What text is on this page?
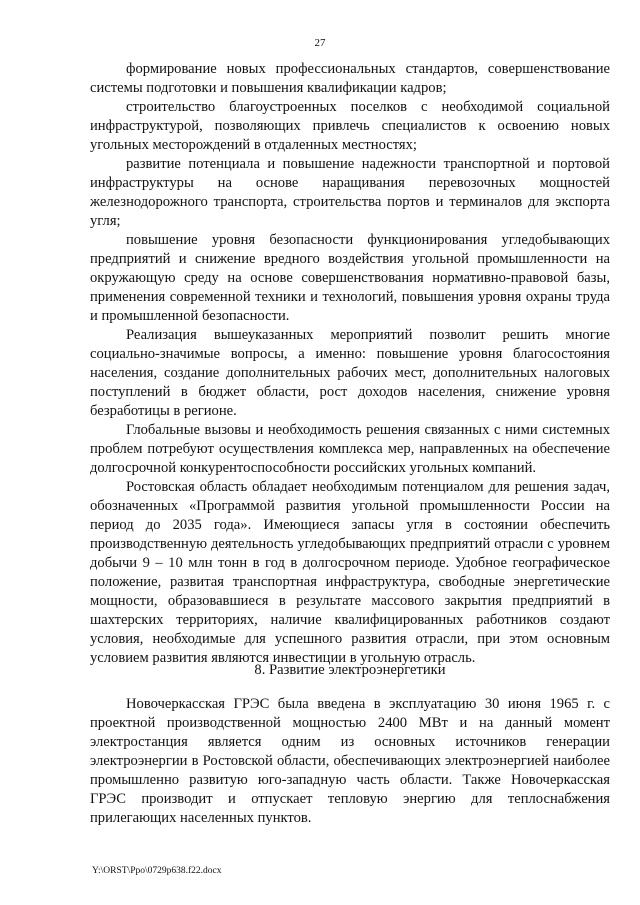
27

формирование новых профессиональных стандартов, совершенствование системы подготовки и повышения квалификации кадров;

строительство благоустроенных поселков с необходимой социальной инфраструктурой, позволяющих привлечь специалистов к освоению новых угольных месторождений в отдаленных местностях;

развитие потенциала и повышение надежности транспортной и портовой инфраструктуры на основе наращивания перевозочных мощностей железнодорожного транспорта, строительства портов и терминалов для экспорта угля;

повышение уровня безопасности функционирования угледобывающих предприятий и снижение вредного воздействия угольной промышленности на окружающую среду на основе совершенствования нормативно-правовой базы, применения современной техники и технологий, повышения уровня охраны труда и промышленной безопасности.

Реализация вышеуказанных мероприятий позволит решить многие социально-значимые вопросы, а именно: повышение уровня благосостояния населения, создание дополнительных рабочих мест, дополнительных налоговых поступлений в бюджет области, рост доходов населения, снижение уровня безработицы в регионе.

Глобальные вызовы и необходимость решения связанных с ними системных проблем потребуют осуществления комплекса мер, направленных на обеспечение долгосрочной конкурентоспособности российских угольных компаний.

Ростовская область обладает необходимым потенциалом для решения задач, обозначенных «Программой развития угольной промышленности России на период до 2035 года». Имеющиеся запасы угля в состоянии обеспечить производственную деятельность угледобывающих предприятий отрасли с уровнем добычи 9 – 10 млн тонн в год в долгосрочном периоде. Удобное географическое положение, развитая транспортная инфраструктура, свободные энергетические мощности, образовавшиеся в результате массового закрытия предприятий в шахтерских территориях, наличие квалифицированных работников создают условия, необходимые для успешного развития отрасли, при этом основным условием развития являются инвестиции в угольную отрасль.

8. Развитие электроэнергетики

Новочеркасская ГРЭС была введена в эксплуатацию 30 июня 1965 г. с проектной производственной мощностью 2400 МВт и на данный момент электростанция является одним из основных источников генерации электроэнергии в Ростовской области, обеспечивающих электроэнергией наиболее промышленно развитую юго-западную часть области. Также Новочеркасская ГРЭС производит и отпускает тепловую энергию для теплоснабжения прилегающих населенных пунктов.

Y:\ORST\Ppo\0729p638.f22.docx
